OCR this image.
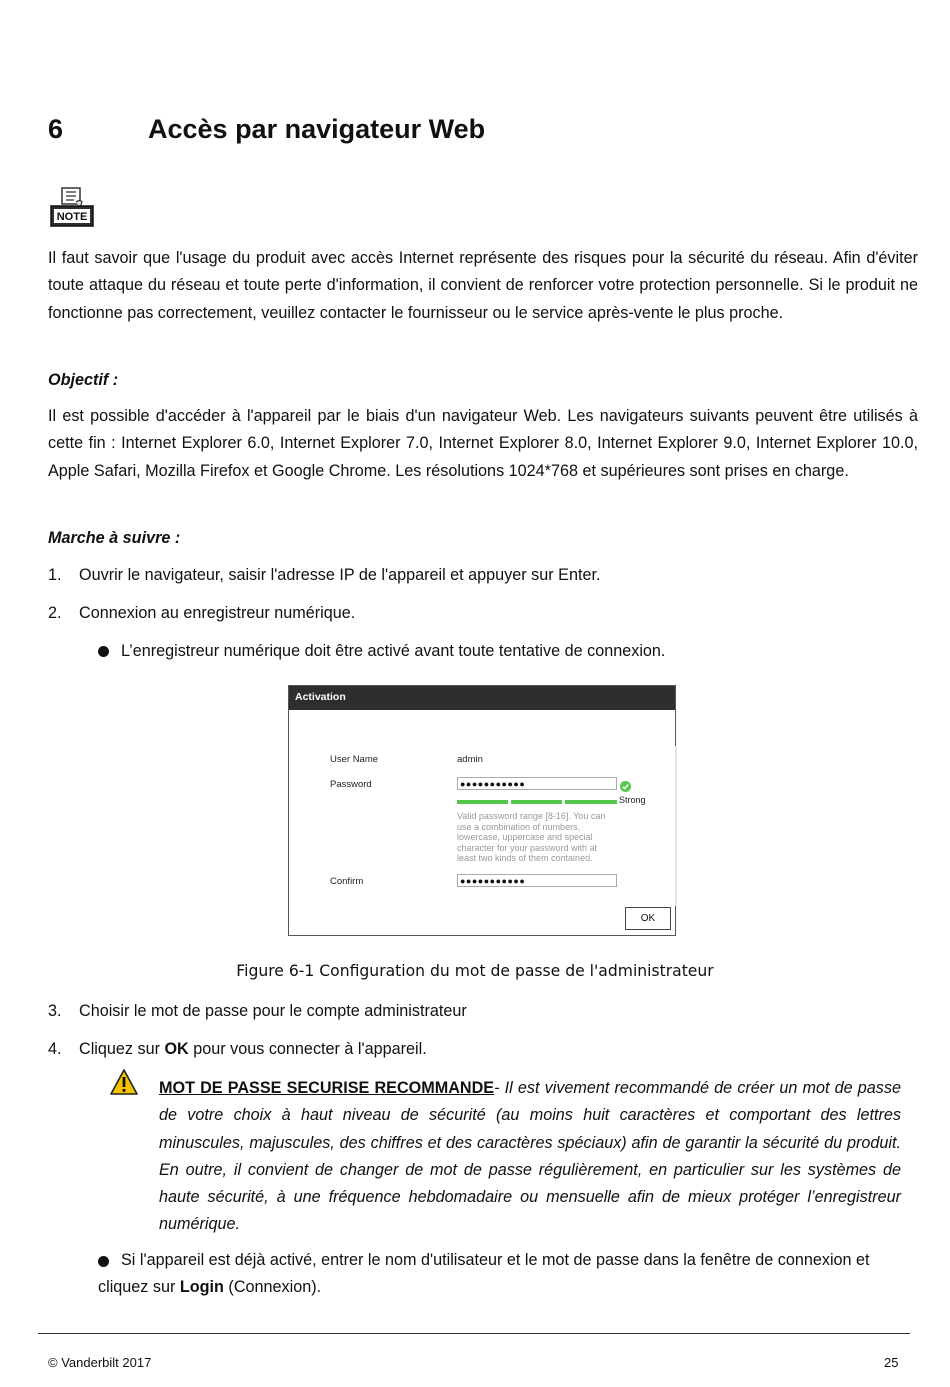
6	Accès par navigateur Web
NOTE
Il faut savoir que l'usage du produit avec accès Internet représente des risques pour la sécurité du réseau. Afin d'éviter toute attaque du réseau et toute perte d'information, il convient de renforcer votre protection personnelle. Si le produit ne fonctionne pas correctement, veuillez contacter le fournisseur ou le service après-vente le plus proche.
Objectif :
Il est possible d'accéder à l'appareil par le biais d'un navigateur Web. Les navigateurs suivants peuvent être utilisés à cette fin : Internet Explorer 6.0, Internet Explorer 7.0, Internet Explorer 8.0, Internet Explorer 9.0, Internet Explorer 10.0, Apple Safari, Mozilla Firefox et Google Chrome. Les résolutions 1024*768 et supérieures sont prises en charge.
Marche à suivre :
1. Ouvrir le navigateur, saisir l'adresse IP de l'appareil et appuyer sur Enter.
2. Connexion au enregistreur numérique.
L’enregistreur numérique doit être activé avant toute tentative de connexion.
Activation
User Name	admin
Password	●●●●●●●●●●●
Strong
Valid password range [8-16]. You can use a combination of numbers, lowercase, uppercase and special character for your password with at least two kinds of them contained.
Confirm	●●●●●●●●●●●
OK
Figure 6-1 Configuration du mot de passe de l'administrateur
3. Choisir le mot de passe pour le compte administrateur
4. Cliquez sur OK pour vous connecter à l'appareil.
MOT DE PASSE SECURISE RECOMMANDE- Il est vivement recommandé de créer un mot de passe de votre choix à haut niveau de sécurité (au moins huit caractères et comportant des lettres minuscules, majuscules, des chiffres et des caractères spéciaux) afin de garantir la sécurité du produit. En outre, il convient de changer de mot de passe régulièrement, en particulier sur les systèmes de haute sécurité, à une fréquence hebdomadaire ou mensuelle afin de mieux protéger l’enregistreur numérique.
Si l'appareil est déjà activé, entrer le nom d'utilisateur et le mot de passe dans la fenêtre de connexion et cliquez sur Login (Connexion).
© Vanderbilt 2017	25
